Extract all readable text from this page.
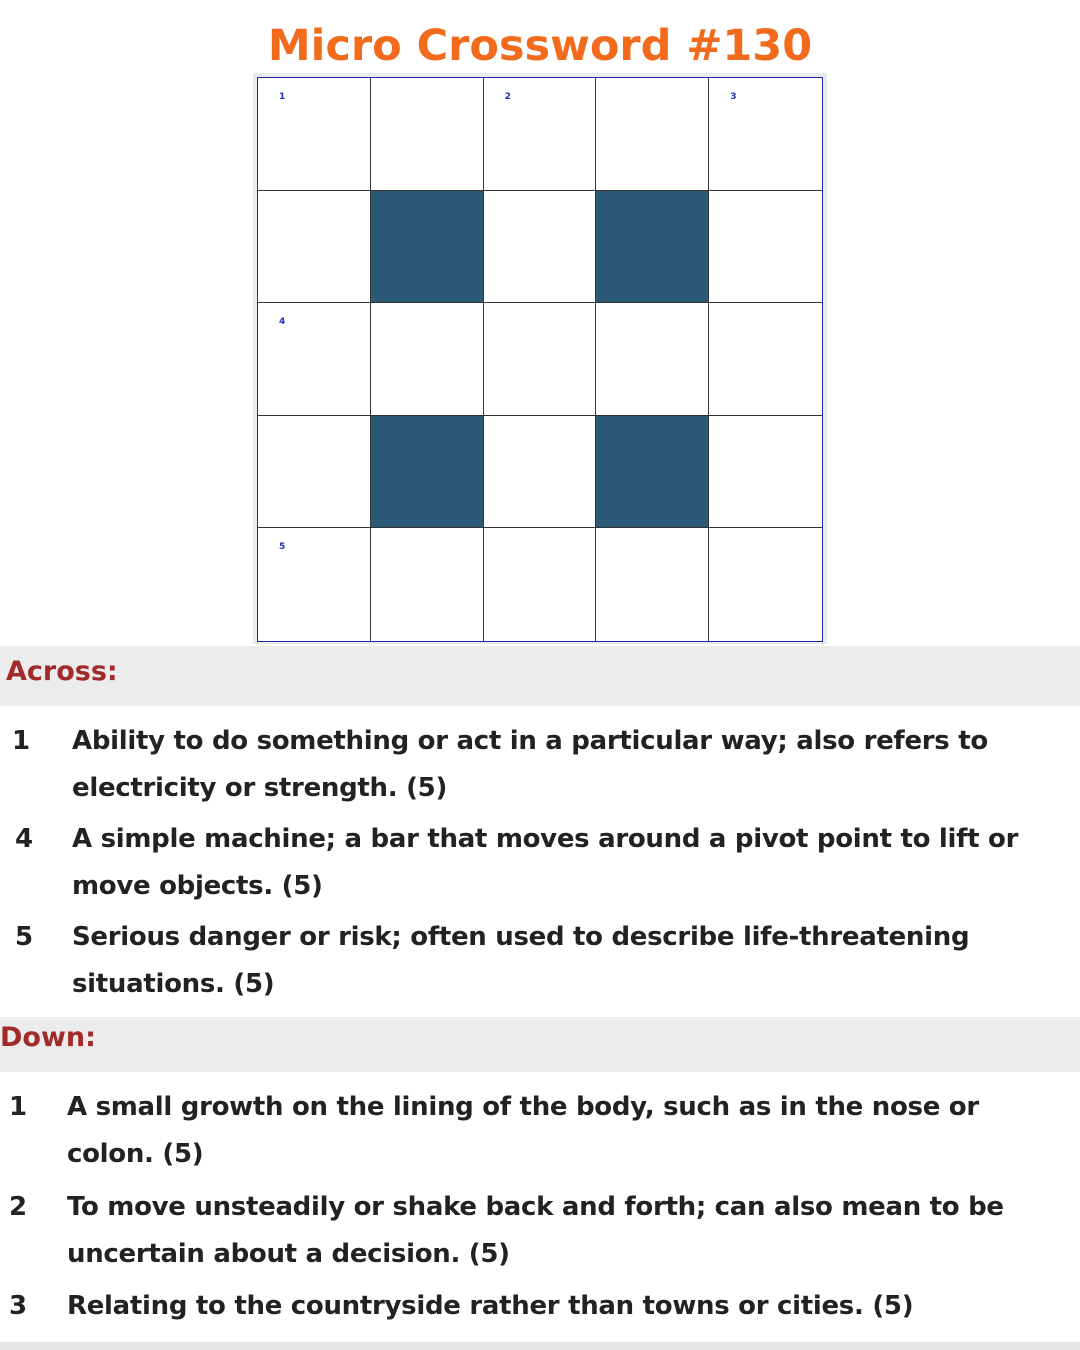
Micro Crossword #130
1	2	3
4
5
Across:
1 Ability to do something or act in a particular way; also refers to electricity or strength. (5)
4 A simple machine; a bar that moves around a pivot point to lift or move objects. (5)
5 Serious danger or risk; often used to describe life-threatening situations. (5)
Down:
1 A small growth on the lining of the body, such as in the nose or colon. (5)
2 To move unsteadily or shake back and forth; can also mean to be uncertain about a decision. (5)
3 Relating to the countryside rather than towns or cities. (5)
